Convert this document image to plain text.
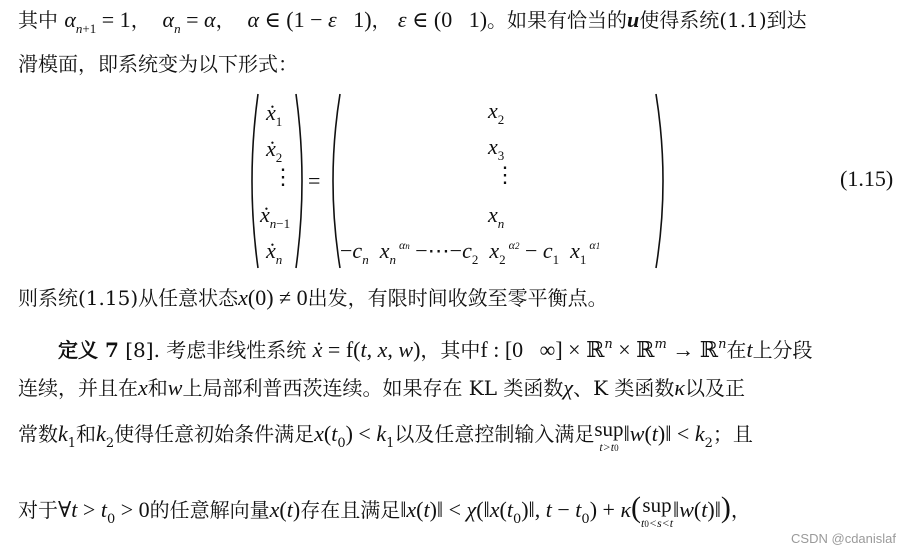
其中 $\alpha_{n+1} = 1$，  $\alpha_n = \alpha$，  α ∈ (1 − ε   1)， ε ∈ (0   1)。如果有恰当的u使得系统(1.1)到达
滑模面，即系统变为以下形式：
ẋ$_1$
ẋ$_2$
⋮
ẋ$_{n-1}$
ẋ$_n$
=
$x_2$
$x_3$
⋮
$x_n$
$-c_n$  $x_n$ $^{\alpha n} -\cdots-c_2$  $x_2$ $^{\alpha 2} - c_1$  $x_1$ $^{\alpha 1}$
(1.15)
则系统(1.15)从任意状态x(0) ≠ 0出发，有限时间收敛至零平衡点。
定义 7 [8]. 考虑非线性系统 ẋ = f(t, x, w)，其中f : [0   ∞] × ℝ$^n$ × ℝ$^m$ → ℝ$^n$在t上分段
连续，并且在x和w上局部利普西茨连续。如果存在 KL 类函数χ、K 类函数κ以及正
常数$k_1$和$k_2$使得任意初始条件满足$x(t_0) < k_1$以及任意控制输入满足 sup
t>t0
‖w(t)‖ < $k_2$；且
对于∀t > $t_0 > 0$的任意解向量x(t)存在且满足‖x(t)‖ < $\chi(‖x(t_0)‖$, $t - t_0) + \kappa$( sup
t0<s<t
‖w(t)‖)，
CSDN @cdanislaf
